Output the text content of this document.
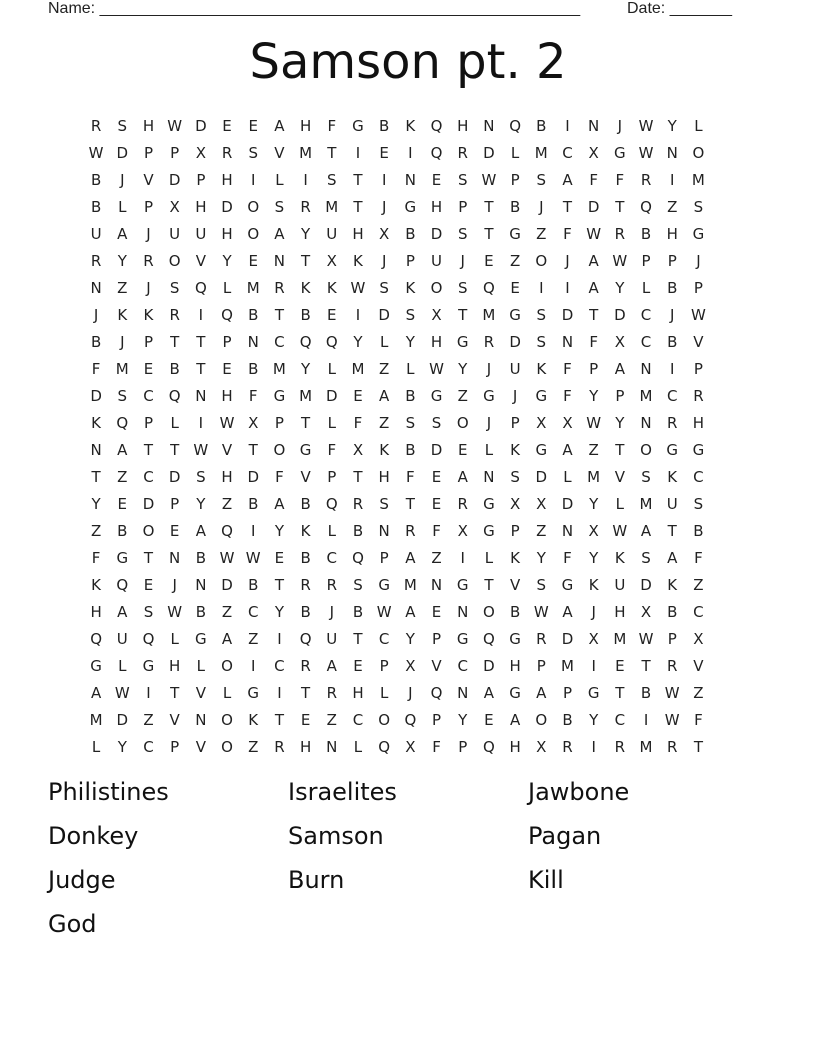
Name: ______________________________________________________	Date: _______
Samson pt. 2
R	S	H W D	E	E	A	H	F	G	B	K	Q H N Q	B	I	N	J	W Y	L
W D	P	P	X	R	S	V M	T	I	E	I	Q	R	D	L	M C	X	G W N O
B	J	V	D	P	H	I	L	I	S	T	I	N	E	S W P	S	A	F	F	R	I	M
B	L	P	X	H D O	S	R M	T	J	G H	P	T	B	J	T	D	T	Q	Z	S
U	A	J	U	U	H O	A	Y	U	H	X	B	D	S	T	G	Z	F W R	B	H G
R	Y	R	O	V	Y	E	N	T	X	K	J	P	U	J	E	Z	O	J	A W P	P	J
N	Z	J	S	Q	L	M R	K	K W S	K	O	S	Q	E	I	I	A	Y	L	B	P
J	K	K	R	I	Q	B	T	B	E	I	D	S	X	T	M G	S	D	T	D	C	J	W
B	J	P	T	T	P	N	C	Q Q	Y	L	Y	H G	R	D	S	N	F	X	C	B	V
F	M E	B	T	E	B M	Y	L	M Z	L W Y	J	U	K	F	P	A	N	I	P
D	S	C	Q N H	F	G M D	E	A	B	G	Z	G	J	G	F	Y	P	M C	R
K	Q	P	L	I	W X	P	T	L	F	Z	S	S	O	J	P	X	X W Y	N	R	H
N	A	T	T W V	T	O G	F	X	K	B	D	E	L	K	G	A	Z	T	O G G
T	Z	C	D	S	H D	F	V	P	T	H	F	E	A	N	S	D	L	M V	S	K	C
Y	E	D	P	Y	Z	B	A	B	Q	R	S	T	E	R	G	X	X	D	Y	L	M U	S
Z	B	O	E	A	Q	I	Y	K	L	B	N	R	F	X	G	P	Z	N	X W A	T	B
F	G	T	N	B W W E	B	C	Q	P	A	Z	I	L	K	Y	F	Y	K	S	A	F
K	Q	E	J	N D	B	T	R	R	S	G M N G	T	V	S	G	K	U D	K	Z
H	A	S W B	Z	C	Y	B	J	B W A	E	N O	B W A	J	H	X	B	C
Q U Q	L	G	A	Z	I	Q U	T	C	Y	P	G Q G	R	D	X M W P	X
G	L	G H	L	O	I	C	R	A	E	P	X	V	C	D H	P	M	I	E	T	R	V
A W	I	T	V	L	G	I	T	R	H	L	J	Q N	A	G	A	P	G	T	B W Z
M D	Z	V	N O	K	T	E	Z	C	O Q	P	Y	E	A	O	B	Y	C	I	W F
L	Y	C	P	V	O	Z	R	H N	L	Q	X	F	P	Q H	X	R	I	R M R	T
Philistines	Israelites	Jawbone
Donkey	Samson	Pagan
Judge	Burn	Kill
God
